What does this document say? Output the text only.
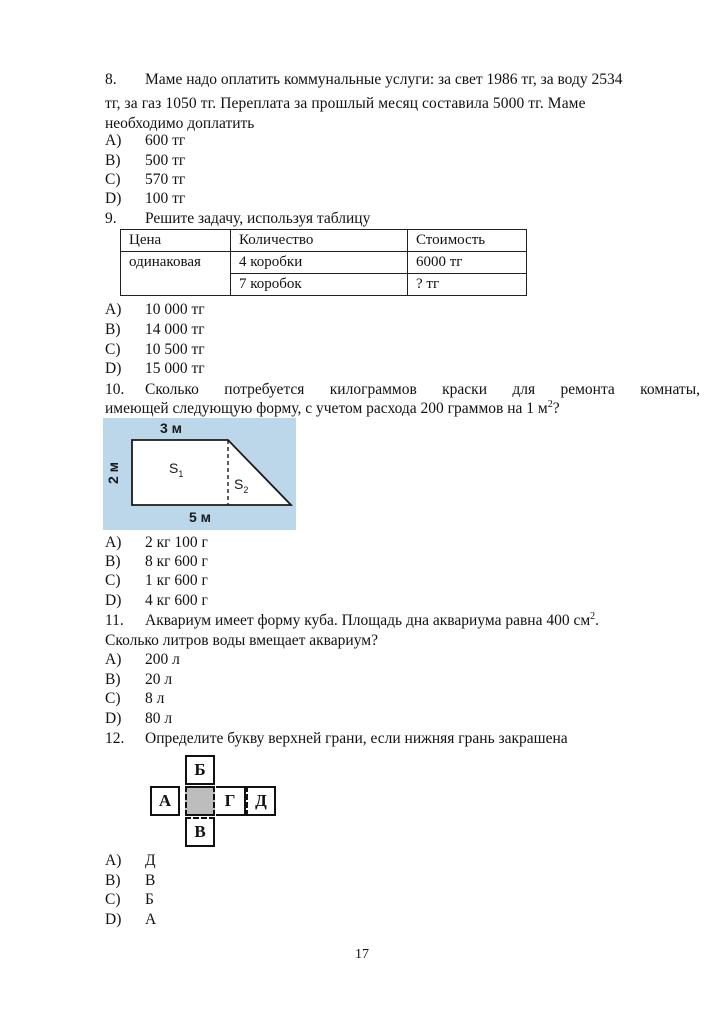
8. Маме надо оплатить коммунальные услуги: за свет 1986 тг, за воду 2534
тг, за газ 1050 тг. Переплата за прошлый месяц составила 5000 тг. Маме
необходимо доплатить
A) 600 тг
B) 500 тг
C) 570 тг
D) 100 тг
9. Решите задачу, используя таблицу
Цена	Количество	Стоимость
одинаковая	4 коробки	6000 тг
	7 коробок	? тг
A) 10 000 тг
B) 14 000 тг
C) 10 500 тг
D) 15 000 тг
10. Сколько потребуется килограммов краски для ремонта комнаты,
имеющей следующую форму, с учетом расхода 200 граммов на 1 $м^2$?
3 м
2 м
5 м
$S_1$
$S_2$
A) 2 кг 100 г
B) 8 кг 600 г
C) 1 кг 600 г
D) 4 кг 600 г
11. Аквариум имеет форму куба. Площадь дна аквариума равна 400 $см^2$.
Сколько литров воды вмещает аквариум?
A) 200 л
B) 20 л
C) 8 л
D) 80 л
12. Определите букву верхней грани, если нижняя грань закрашена
Б
А	Г	Д
В
A) Д
B) В
C) Б
D) А
17
